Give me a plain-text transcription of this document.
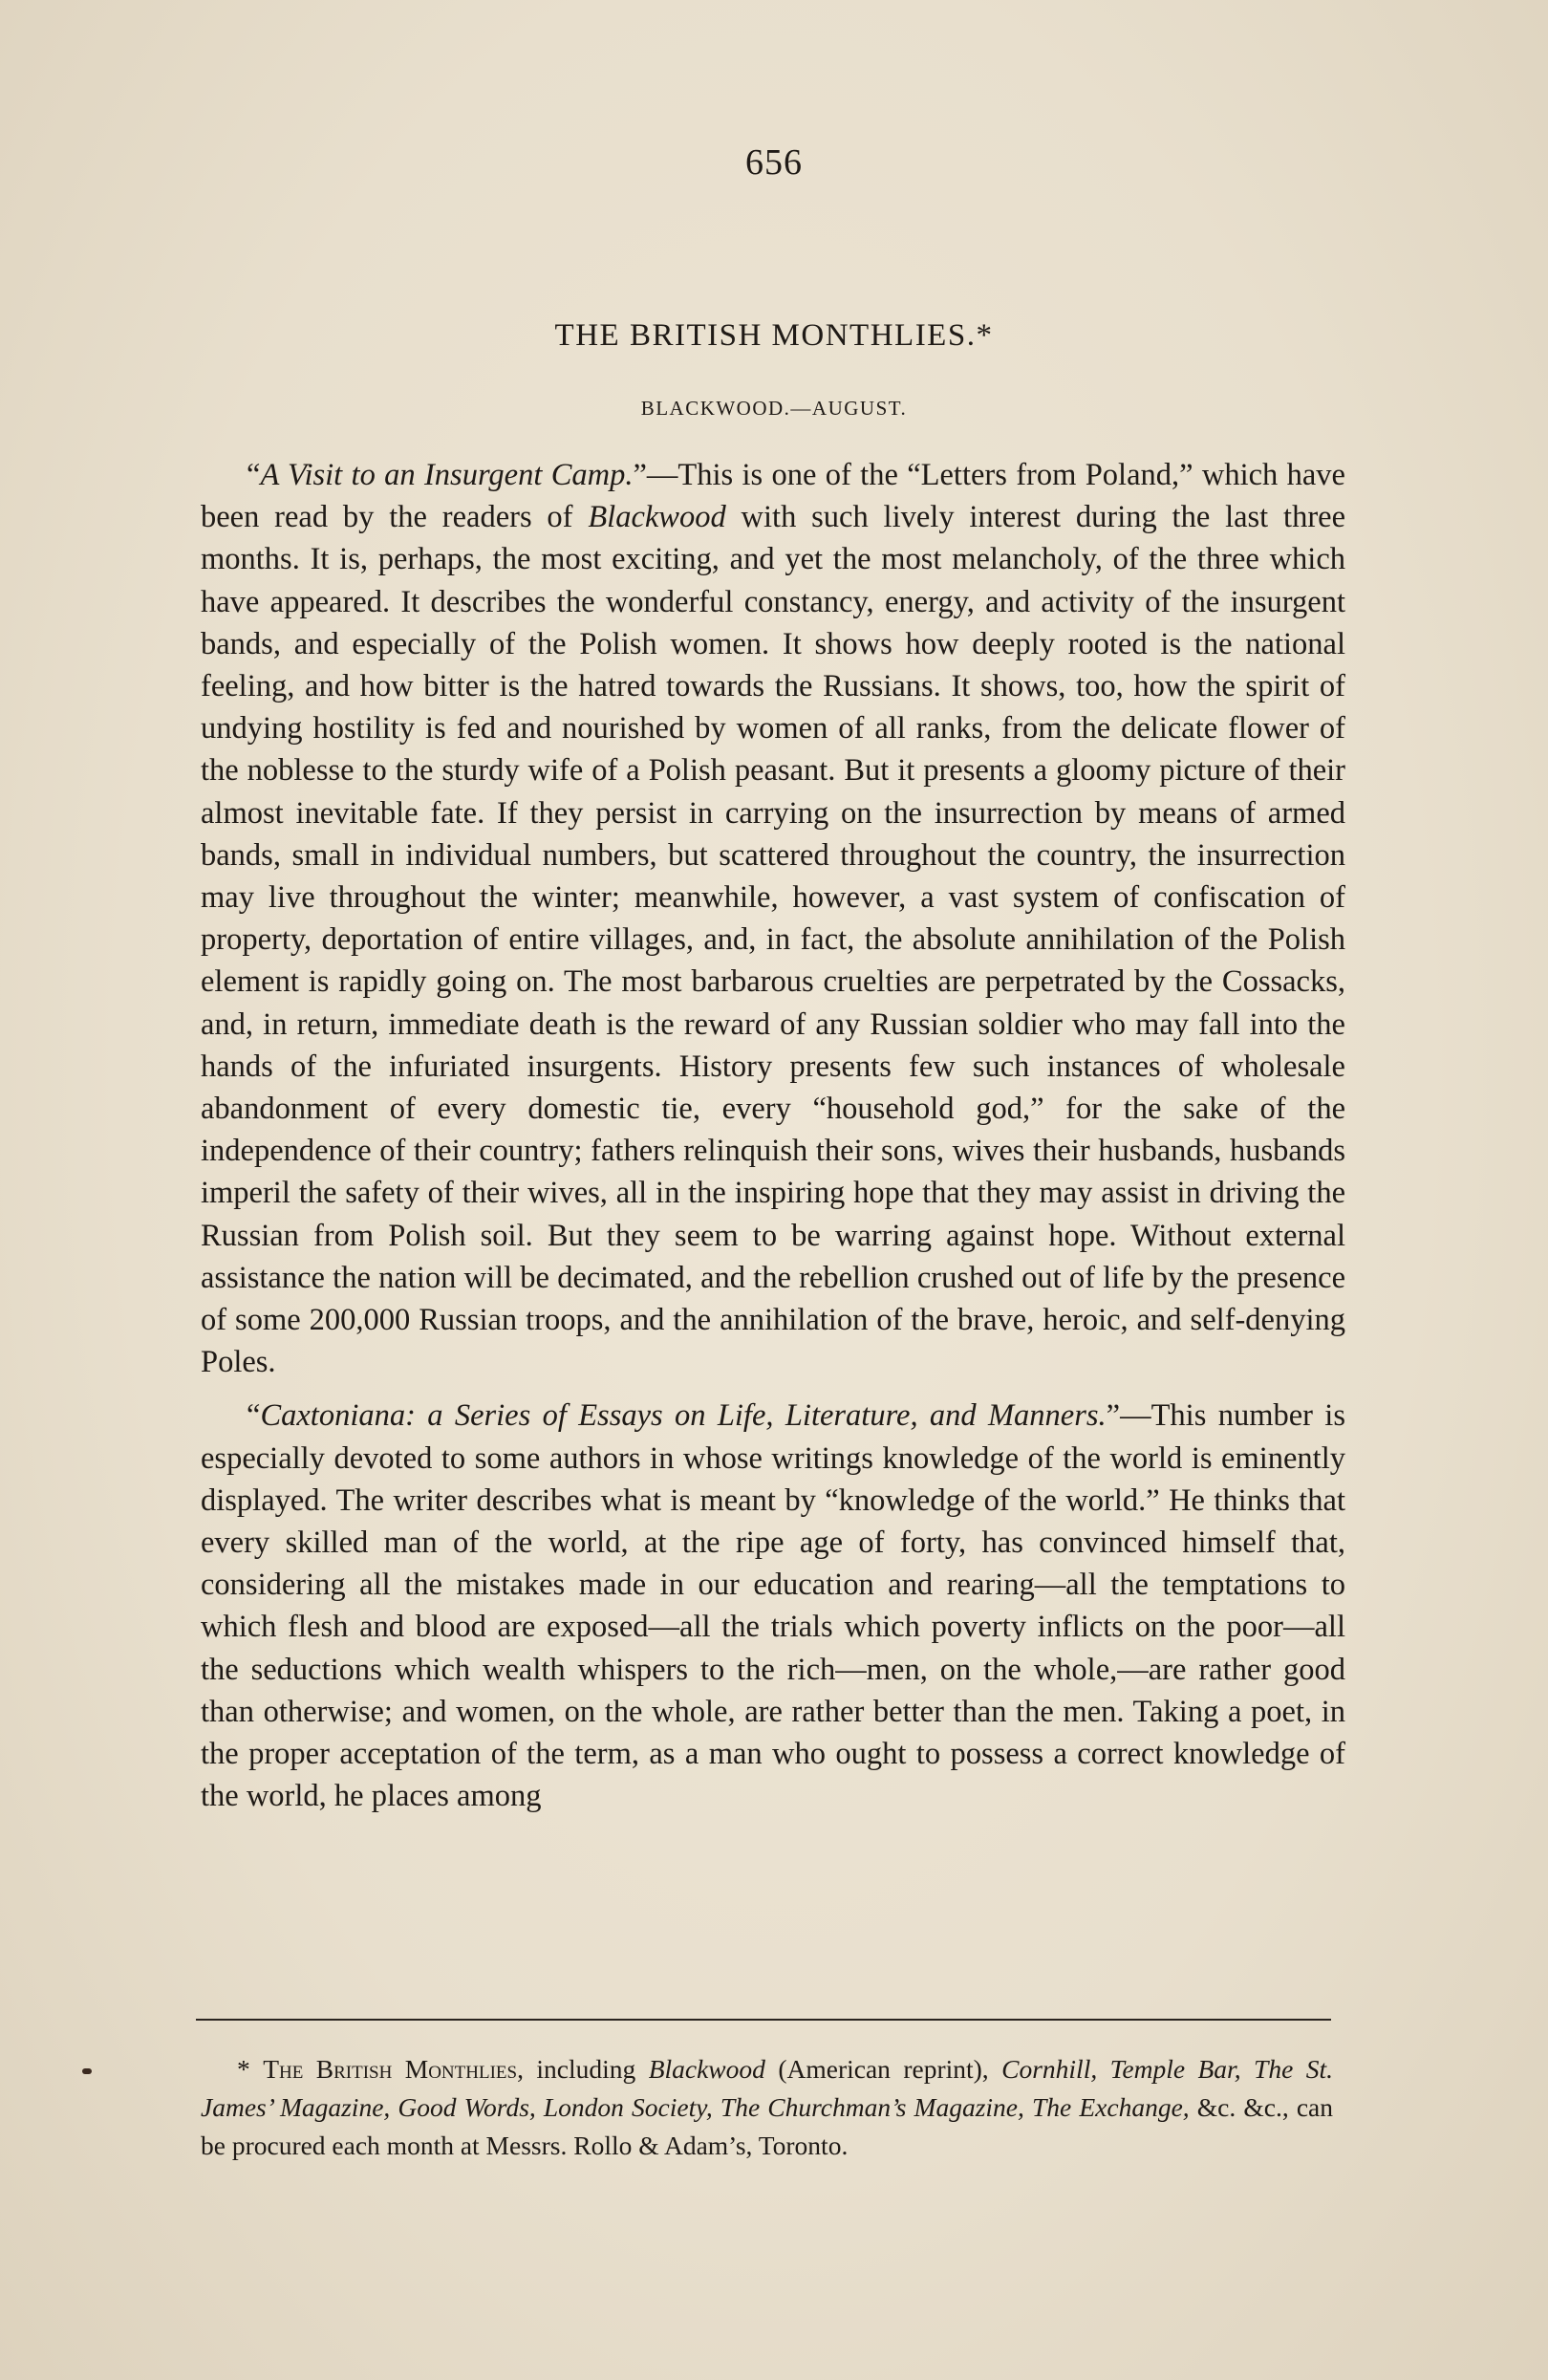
656
THE BRITISH MONTHLIES.*
BLACKWOOD.—AUGUST.

“A Visit to an Insurgent Camp.”—This is one of the “Letters from Poland,” which have been read by the readers of Blackwood with such lively interest during the last three months. It is, perhaps, the most exciting, and yet the most melancholy, of the three which have appeared. It describes the wonderful constancy, energy, and activity of the insurgent bands, and especially of the Polish women. It shows how deeply rooted is the national feeling, and how bitter is the hatred towards the Russians. It shows, too, how the spirit of undying hostility is fed and nourished by women of all ranks, from the delicate flower of the noblesse to the sturdy wife of a Polish peasant. But it presents a gloomy picture of their almost inevitable fate. If they persist in carrying on the insurrection by means of armed bands, small in individual numbers, but scattered throughout the country, the insurrection may live throughout the winter; meanwhile, however, a vast system of confiscation of property, deportation of entire villages, and, in fact, the absolute annihilation of the Polish element is rapidly going on. The most barbarous cruelties are perpetrated by the Cossacks, and, in return, immediate death is the reward of any Russian soldier who may fall into the hands of the infuriated insurgents. History presents few such instances of wholesale abandonment of every domestic tie, every “household god,” for the sake of the independence of their country; fathers relinquish their sons, wives their husbands, husbands imperil the safety of their wives, all in the inspiring hope that they may assist in driving the Russian from Polish soil. But they seem to be warring against hope. Without external assistance the nation will be decimated, and the rebellion crushed out of life by the presence of some 200,000 Russian troops, and the annihilation of the brave, heroic, and self-denying Poles.

“Caxtoniana: a Series of Essays on Life, Literature, and Manners.”—This number is especially devoted to some authors in whose writings knowledge of the world is eminently displayed. The writer describes what is meant by “knowledge of the world.” He thinks that every skilled man of the world, at the ripe age of forty, has convinced himself that, considering all the mistakes made in our education and rearing—all the temptations to which flesh and blood are exposed—all the trials which poverty inflicts on the poor—all the seductions which wealth whispers to the rich—men, on the whole,—are rather good than otherwise; and women, on the whole, are rather better than the men. Taking a poet, in the proper acceptation of the term, as a man who ought to possess a correct knowledge of the world, he places among

* The British Monthlies, including Blackwood (American reprint), Cornhill, Temple Bar, The St. James’ Magazine, Good Words, London Society, The Churchman’s Magazine, The Exchange, &c. &c., can be procured each month at Messrs. Rollo & Adam’s, Toronto.
